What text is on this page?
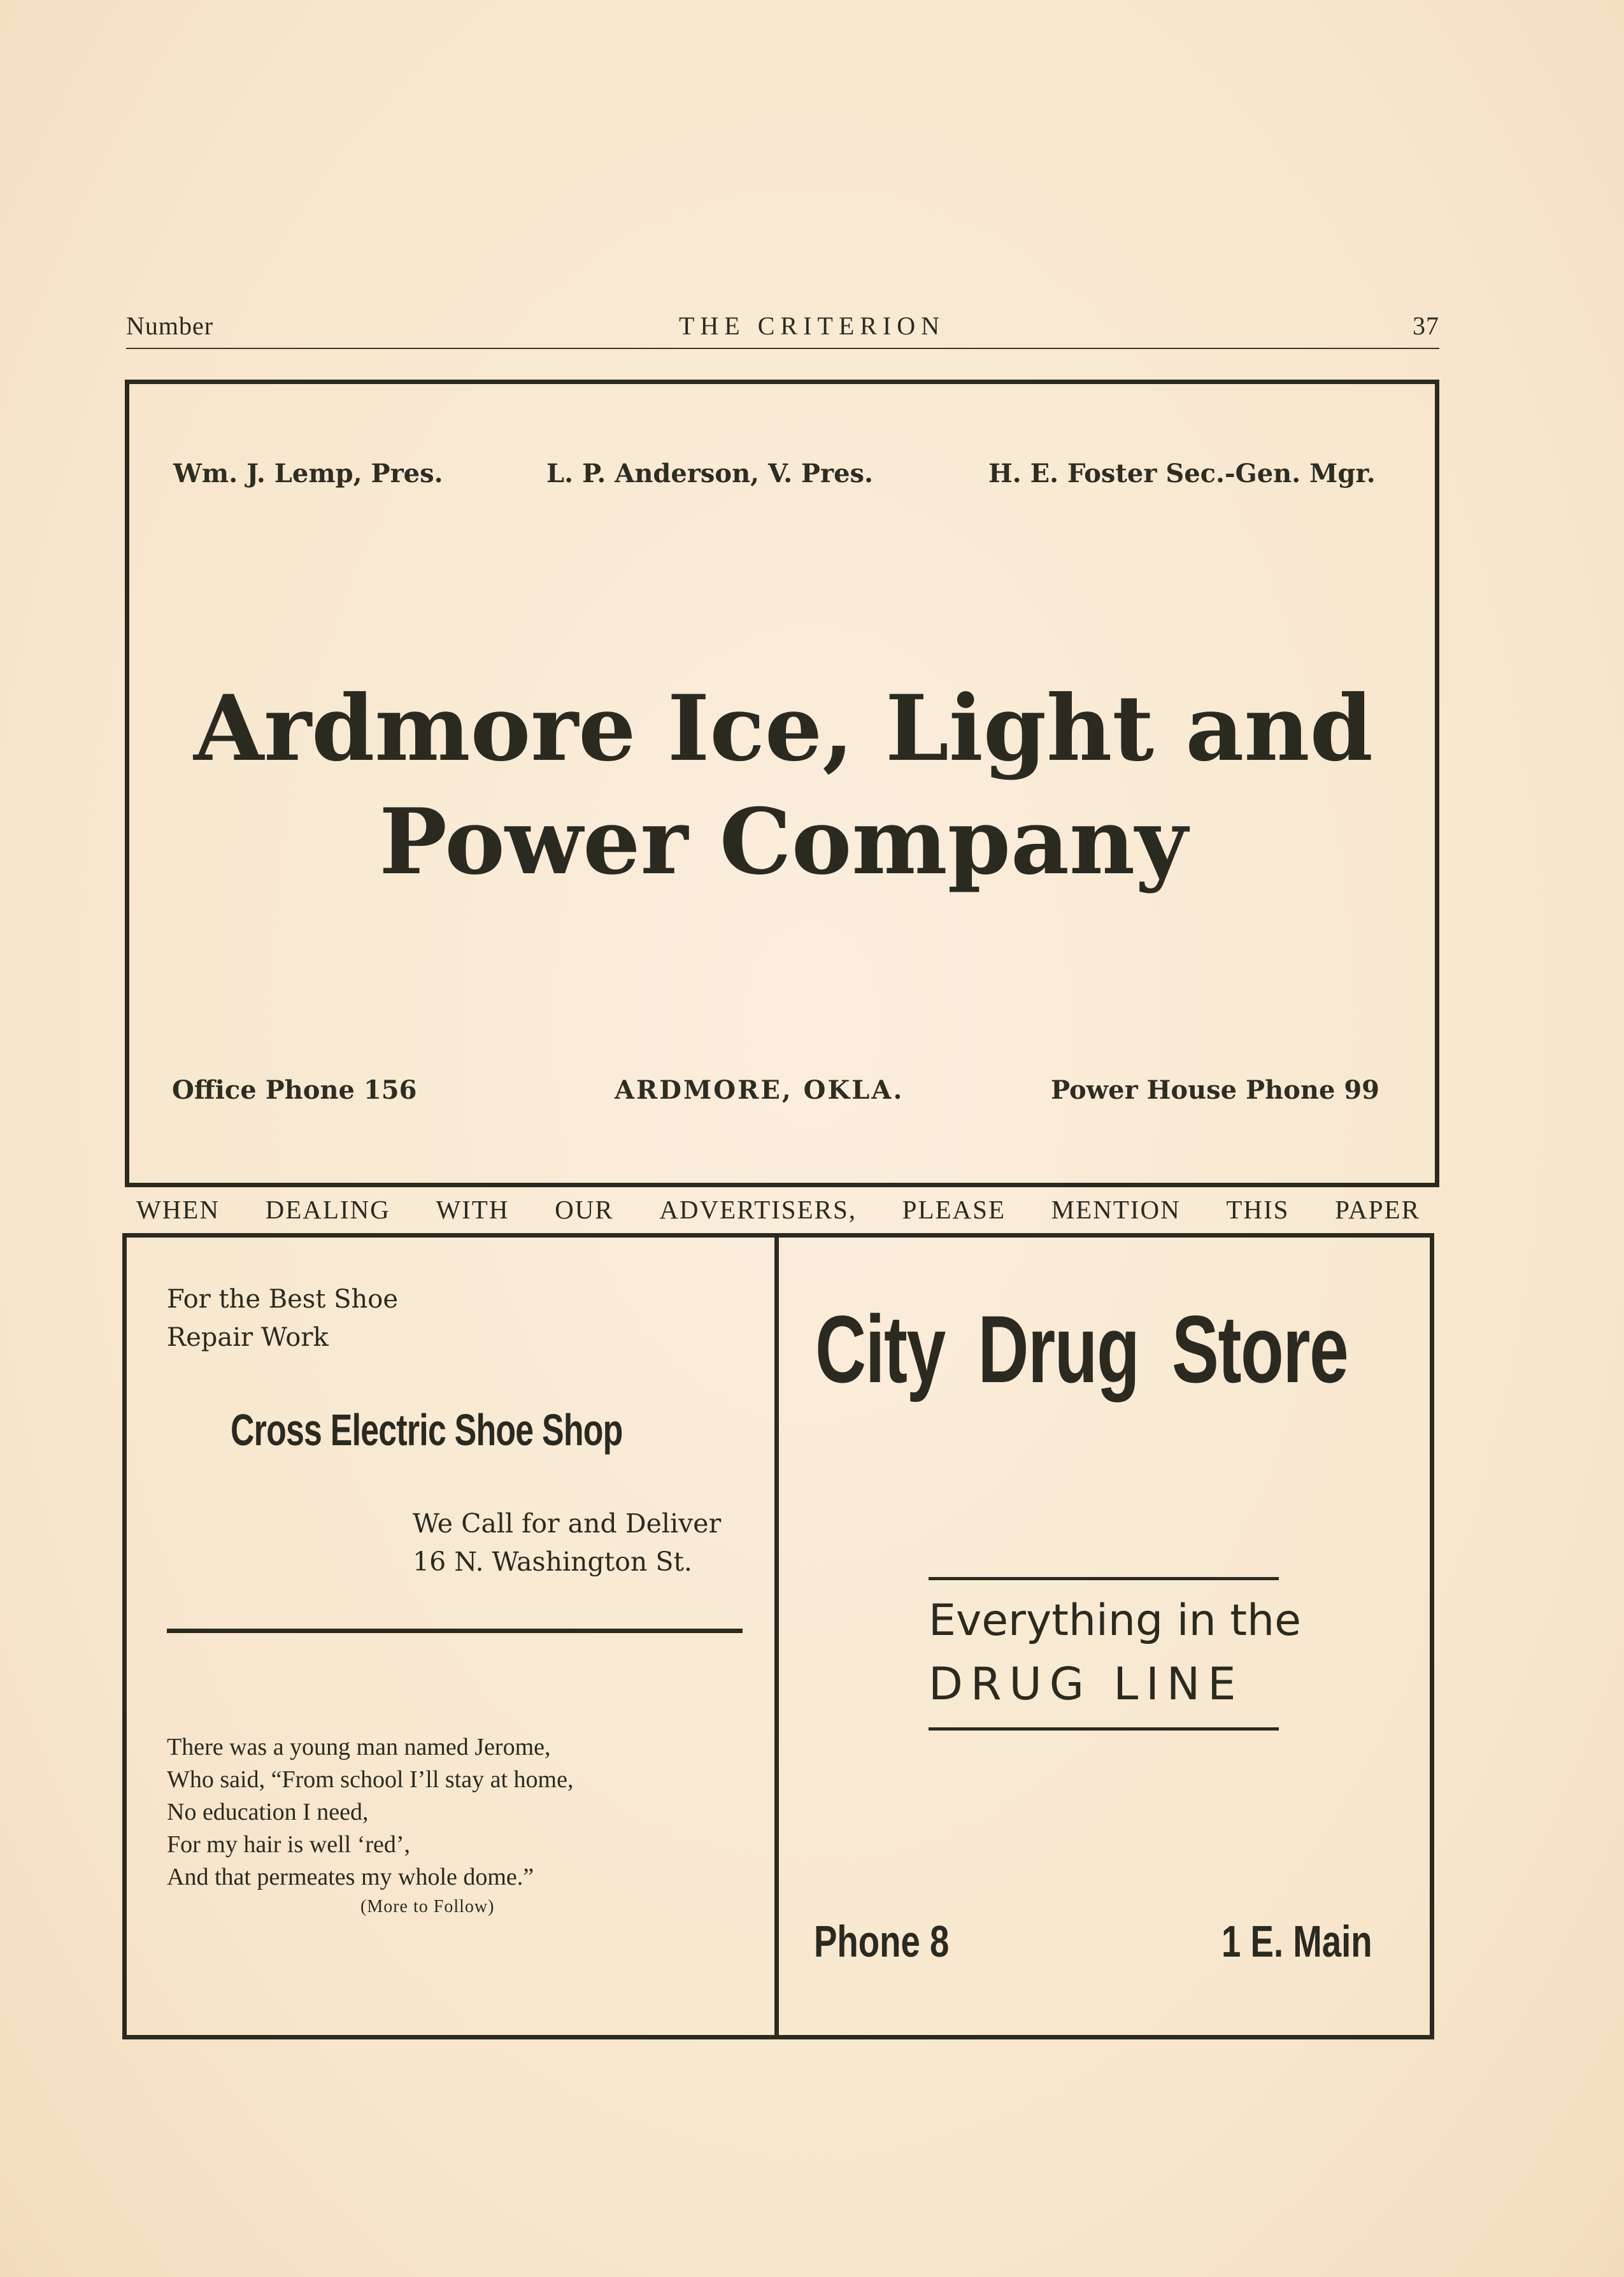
Number	THE CRITERION	37
Wm. J. Lemp, Pres.	L. P. Anderson, V. Pres.	H. E. Foster Sec.-Gen. Mgr.
Ardmore Ice, Light and
Power Company
Office Phone 156	ARDMORE, OKLA.	Power House Phone 99
WHEN DEALING WITH OUR ADVERTISERS, PLEASE MENTION THIS PAPER
For the Best Shoe
Repair Work
Cross Electric Shoe Shop
We Call for and Deliver
16 N. Washington St.
There was a young man named Jerome,
Who said, “From school I’ll stay at home,
No education I need,
For my hair is well ‘red’,
And that permeates my whole dome.”
(More to Follow)
City Drug Store
Everything in the
DRUG LINE
Phone 8	1 E. Main
